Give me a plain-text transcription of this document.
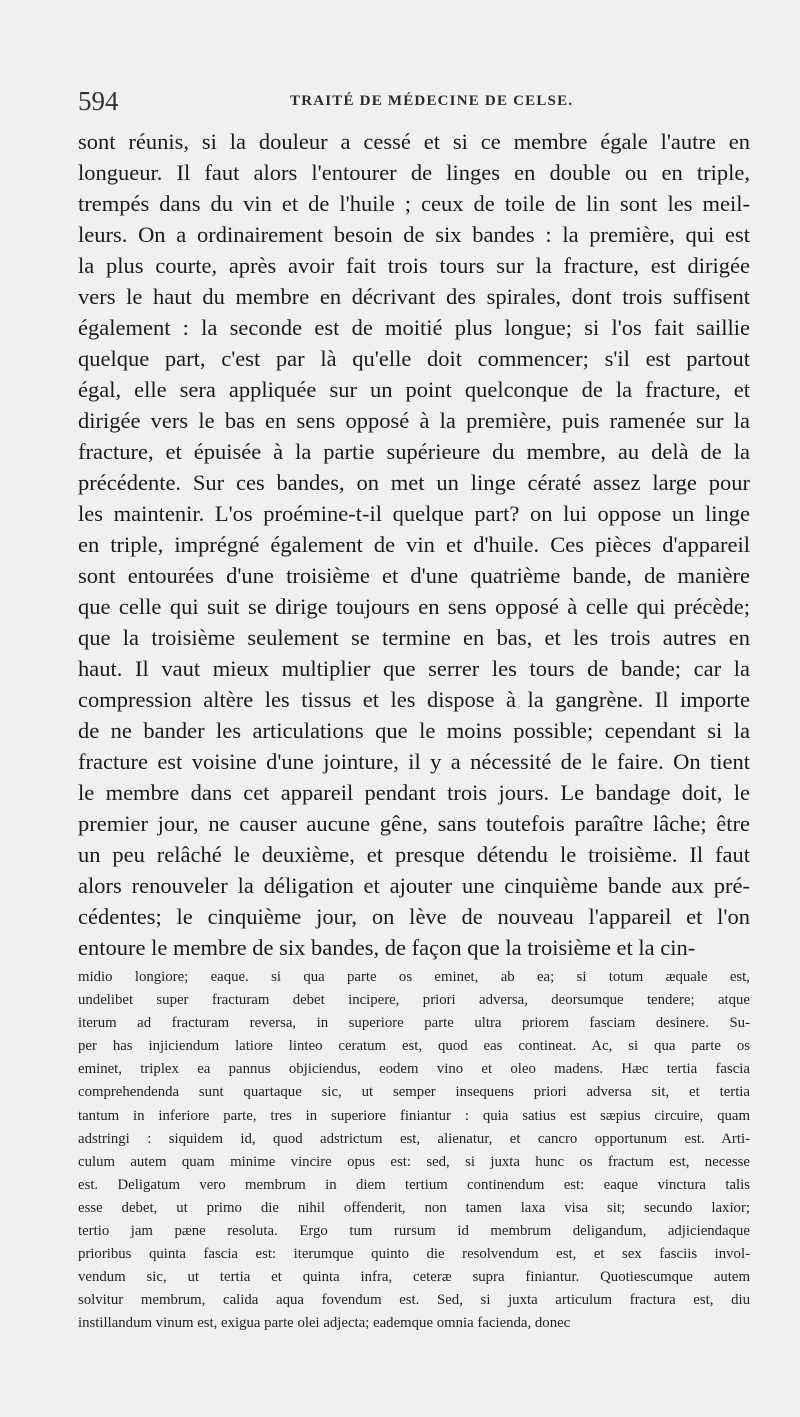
594	TRAITÉ DE MÉDECINE DE CELSE.
sont réunis, si la douleur a cessé et si ce membre égale l'autre en
longueur. Il faut alors l'entourer de linges en double ou en triple,
trempés dans du vin et de l'huile ; ceux de toile de lin sont les meil-
leurs. On a ordinairement besoin de six bandes : la première, qui est
la plus courte, après avoir fait trois tours sur la fracture, est dirigée
vers le haut du membre en décrivant des spirales, dont trois suffisent
également : la seconde est de moitié plus longue; si l'os fait saillie
quelque part, c'est par là qu'elle doit commencer; s'il est partout
égal, elle sera appliquée sur un point quelconque de la fracture, et
dirigée vers le bas en sens opposé à la première, puis ramenée sur la
fracture, et épuisée à la partie supérieure du membre, au delà de la
précédente. Sur ces bandes, on met un linge cératé assez large pour
les maintenir. L'os proémine-t-il quelque part? on lui oppose un linge
en triple, imprégné également de vin et d'huile. Ces pièces d'appareil
sont entourées d'une troisième et d'une quatrième bande, de manière
que celle qui suit se dirige toujours en sens opposé à celle qui précède;
que la troisième seulement se termine en bas, et les trois autres en
haut. Il vaut mieux multiplier que serrer les tours de bande; car la
compression altère les tissus et les dispose à la gangrène. Il importe
de ne bander les articulations que le moins possible; cependant si la
fracture est voisine d'une jointure, il y a nécessité de le faire. On tient
le membre dans cet appareil pendant trois jours. Le bandage doit, le
premier jour, ne causer aucune gêne, sans toutefois paraître lâche; être
un peu relâché le deuxième, et presque détendu le troisième. Il faut
alors renouveler la déligation et ajouter une cinquième bande aux pré-
cédentes; le cinquième jour, on lève de nouveau l'appareil et l'on
entoure le membre de six bandes, de façon que la troisième et la cin-
midio longiore; eaque. si qua parte os eminet, ab ea; si totum æquale est,
undelibet super fracturam debet incipere, priori adversa, deorsumque tendere; atque
iterum ad fracturam reversa, in superiore parte ultra priorem fasciam desinere. Su-
per has injiciendum latiore linteo ceratum est, quod eas contineat. Ac, si qua parte os
eminet, triplex ea pannus objiciendus, eodem vino et oleo madens. Hæc tertia fascia
comprehendenda sunt quartaque sic, ut semper insequens priori adversa sit, et tertia
tantum in inferiore parte, tres in superiore finiantur : quia satius est sæpius circuire, quam
adstringi : siquidem id, quod adstrictum est, alienatur, et cancro opportunum est. Arti-
culum autem quam minime vincire opus est: sed, si juxta hunc os fractum est, necesse
est. Deligatum vero membrum in diem tertium continendum est: eaque vinctura talis
esse debet, ut primo die nihil offenderit, non tamen laxa visa sit; secundo laxior;
tertio jam pæne resoluta. Ergo tum rursum id membrum deligandum, adjiciendaque
prioribus quinta fascia est: iterumque quinto die resolvendum est, et sex fasciis invol-
vendum sic, ut tertia et quinta infra, ceteræ supra finiantur. Quotiescumque autem
solvitur membrum, calida aqua fovendum est. Sed, si juxta articulum fractura est, diu
instillandum vinum est, exigua parte olei adjecta; eademque omnia facienda, donec
